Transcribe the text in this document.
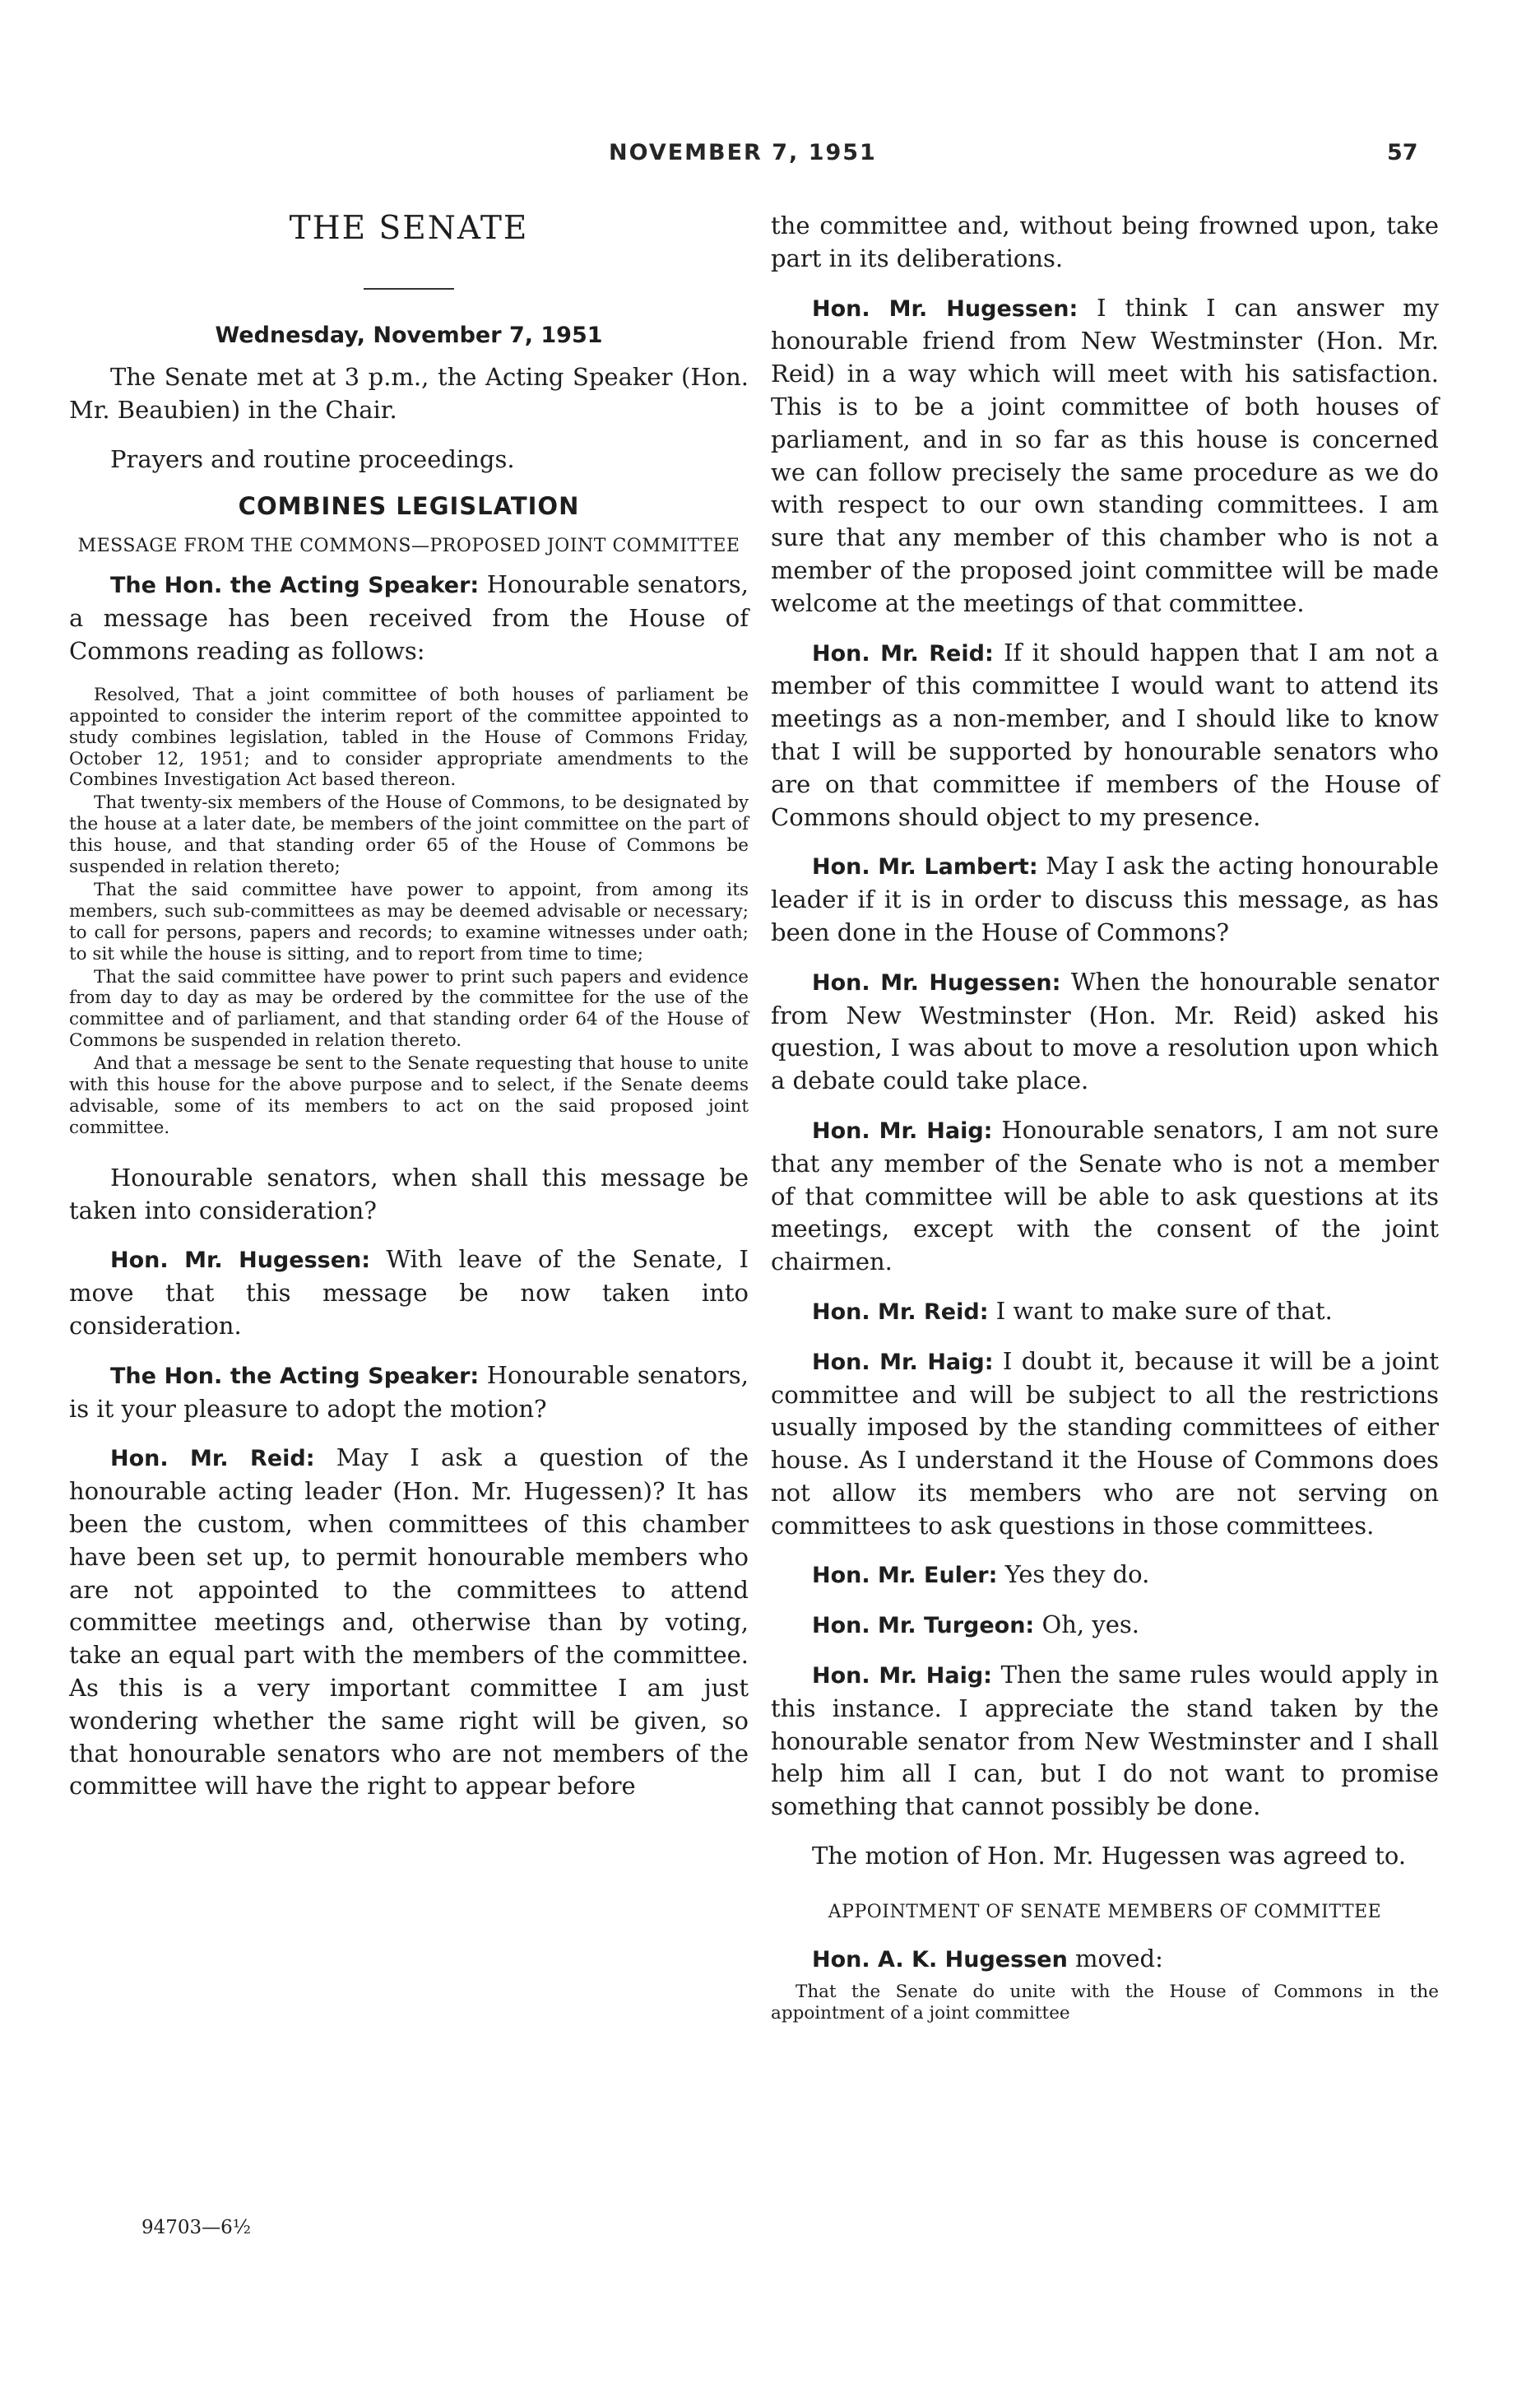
NOVEMBER 7, 1951	57
THE SENATE
Wednesday, November 7, 1951

The Senate met at 3 p.m., the Acting Speaker (Hon. Mr. Beaubien) in the Chair.

Prayers and routine proceedings.

COMBINES LEGISLATION
MESSAGE FROM THE COMMONS—PROPOSED JOINT COMMITTEE

The Hon. the Acting Speaker: Honourable senators, a message has been received from the House of Commons reading as follows:

Resolved, That a joint committee of both houses of parliament be appointed to consider the interim report of the committee appointed to study combines legislation, tabled in the House of Commons Friday, October 12, 1951; and to consider appropriate amendments to the Combines Investigation Act based thereon.

That twenty-six members of the House of Commons, to be designated by the house at a later date, be members of the joint committee on the part of this house, and that standing order 65 of the House of Commons be suspended in relation thereto;

That the said committee have power to appoint, from among its members, such sub-committees as may be deemed advisable or necessary; to call for persons, papers and records; to examine witnesses under oath; to sit while the house is sitting, and to report from time to time;

That the said committee have power to print such papers and evidence from day to day as may be ordered by the committee for the use of the committee and of parliament, and that standing order 64 of the House of Commons be suspended in relation thereto.

And that a message be sent to the Senate requesting that house to unite with this house for the above purpose and to select, if the Senate deems advisable, some of its members to act on the said proposed joint committee.

Honourable senators, when shall this message be taken into consideration?

Hon. Mr. Hugessen: With leave of the Senate, I move that this message be now taken into consideration.

The Hon. the Acting Speaker: Honourable senators, is it your pleasure to adopt the motion?

Hon. Mr. Reid: May I ask a question of the honourable acting leader (Hon. Mr. Hugessen)? It has been the custom, when committees of this chamber have been set up, to permit honourable members who are not appointed to the committees to attend committee meetings and, otherwise than by voting, take an equal part with the members of the committee. As this is a very important committee I am just wondering whether the same right will be given, so that honourable senators who are not members of the committee will have the right to appear before

the committee and, without being frowned upon, take part in its deliberations.

Hon. Mr. Hugessen: I think I can answer my honourable friend from New Westminster (Hon. Mr. Reid) in a way which will meet with his satisfaction. This is to be a joint committee of both houses of parliament, and in so far as this house is concerned we can follow precisely the same procedure as we do with respect to our own standing committees. I am sure that any member of this chamber who is not a member of the proposed joint committee will be made welcome at the meetings of that committee.

Hon. Mr. Reid: If it should happen that I am not a member of this committee I would want to attend its meetings as a non-member, and I should like to know that I will be supported by honourable senators who are on that committee if members of the House of Commons should object to my presence.

Hon. Mr. Lambert: May I ask the acting honourable leader if it is in order to discuss this message, as has been done in the House of Commons?

Hon. Mr. Hugessen: When the honourable senator from New Westminster (Hon. Mr. Reid) asked his question, I was about to move a resolution upon which a debate could take place.

Hon. Mr. Haig: Honourable senators, I am not sure that any member of the Senate who is not a member of that committee will be able to ask questions at its meetings, except with the consent of the joint chairmen.

Hon. Mr. Reid: I want to make sure of that.

Hon. Mr. Haig: I doubt it, because it will be a joint committee and will be subject to all the restrictions usually imposed by the standing committees of either house. As I understand it the House of Commons does not allow its members who are not serving on committees to ask questions in those committees.

Hon. Mr. Euler: Yes they do.

Hon. Mr. Turgeon: Oh, yes.

Hon. Mr. Haig: Then the same rules would apply in this instance. I appreciate the stand taken by the honourable senator from New Westminster and I shall help him all I can, but I do not want to promise something that cannot possibly be done.

The motion of Hon. Mr. Hugessen was agreed to.

APPOINTMENT OF SENATE MEMBERS OF COMMITTEE

Hon. A. K. Hugessen moved:

That the Senate do unite with the House of Commons in the appointment of a joint committee

94703—6½
